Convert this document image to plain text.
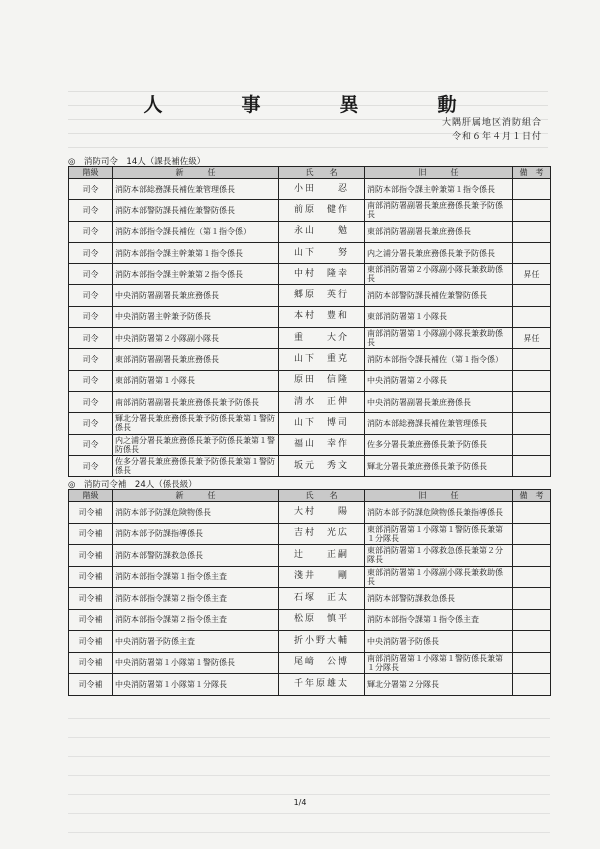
人　事　異　動
大隅肝属地区消防組合
令和６年４月１日付
◎　消防司令　14人（課長補佐級）
階級	新　　　任	氏　　名	旧　　　任	備　考
司令	消防本部総務課長補佐兼管理係長	小田　　忍	消防本部指令課主幹兼第１指令係長	
司令	消防本部警防課長補佐兼警防係長	前原　健作	南部消防署副署長兼庶務係長兼予防係長	
司令	消防本部指令課長補佐（第１指令係）	永山　　勉	東部消防署副署長兼庶務係長	
司令	消防本部指令課主幹兼第１指令係長	山下　　努	内之浦分署長兼庶務係長兼予防係長	
司令	消防本部指令課主幹兼第２指令係長	中村　隆幸	東部消防署第２小隊副小隊長兼救助係長	昇任
司令	中央消防署副署長兼庶務係長	郷原　英行	消防本部警防課長補佐兼警防係長	
司令	中央消防署主幹兼予防係長	本村　豊和	東部消防署第１小隊長	
司令	中央消防署第２小隊副小隊長	重　　大介	南部消防署第１小隊副小隊長兼救助係長	昇任
司令	東部消防署副署長兼庶務係長	山下　重克	消防本部指令課長補佐（第１指令係）	
司令	東部消防署第１小隊長	原田　信隆	中央消防署第２小隊長	
司令	南部消防署副署長兼庶務係長兼予防係長	清水　正伸	中央消防署副署長兼庶務係長	
司令	輝北分署長兼庶務係長兼予防係長兼第１警防係長	山下　博司	消防本部総務課長補佐兼管理係長	
司令	内之浦分署長兼庶務係長兼予防係長兼第１警防係長	福山　幸作	佐多分署長兼庶務係長兼予防係長	
司令	佐多分署長兼庶務係長兼予防係長兼第１警防係長	坂元　秀文	輝北分署長兼庶務係長兼予防係長	
◎　消防司令補　24人（係長級）
階級	新　　　任	氏　　名	旧　　　任	備　考
司令補	消防本部予防課危険物係長	大村　　陽	消防本部予防課危険物係長兼指導係長	
司令補	消防本部予防課指導係長	吉村　光広	東部消防署第１小隊第１警防係長兼第１分隊長	
司令補	消防本部警防課救急係長	辻　　正嗣	東部消防署第１小隊救急係長兼第２分隊長	
司令補	消防本部指令課第１指令係主査	淺井　　剛	東部消防署第１小隊副小隊長兼救助係長	
司令補	消防本部指令課第２指令係主査	石塚　正太	消防本部警防課救急係長	
司令補	消防本部指令課第２指令係主査	松原　慎平	消防本部指令課第１指令係主査	
司令補	中央消防署予防係主査	折小野大輔	中央消防署予防係長	
司令補	中央消防署第１小隊第１警防係長	尾﨑　公博	南部消防署第１小隊第１警防係長兼第１分隊長	
司令補	中央消防署第１小隊第１分隊長	千年原雄太	輝北分署第２分隊長	
1/4
